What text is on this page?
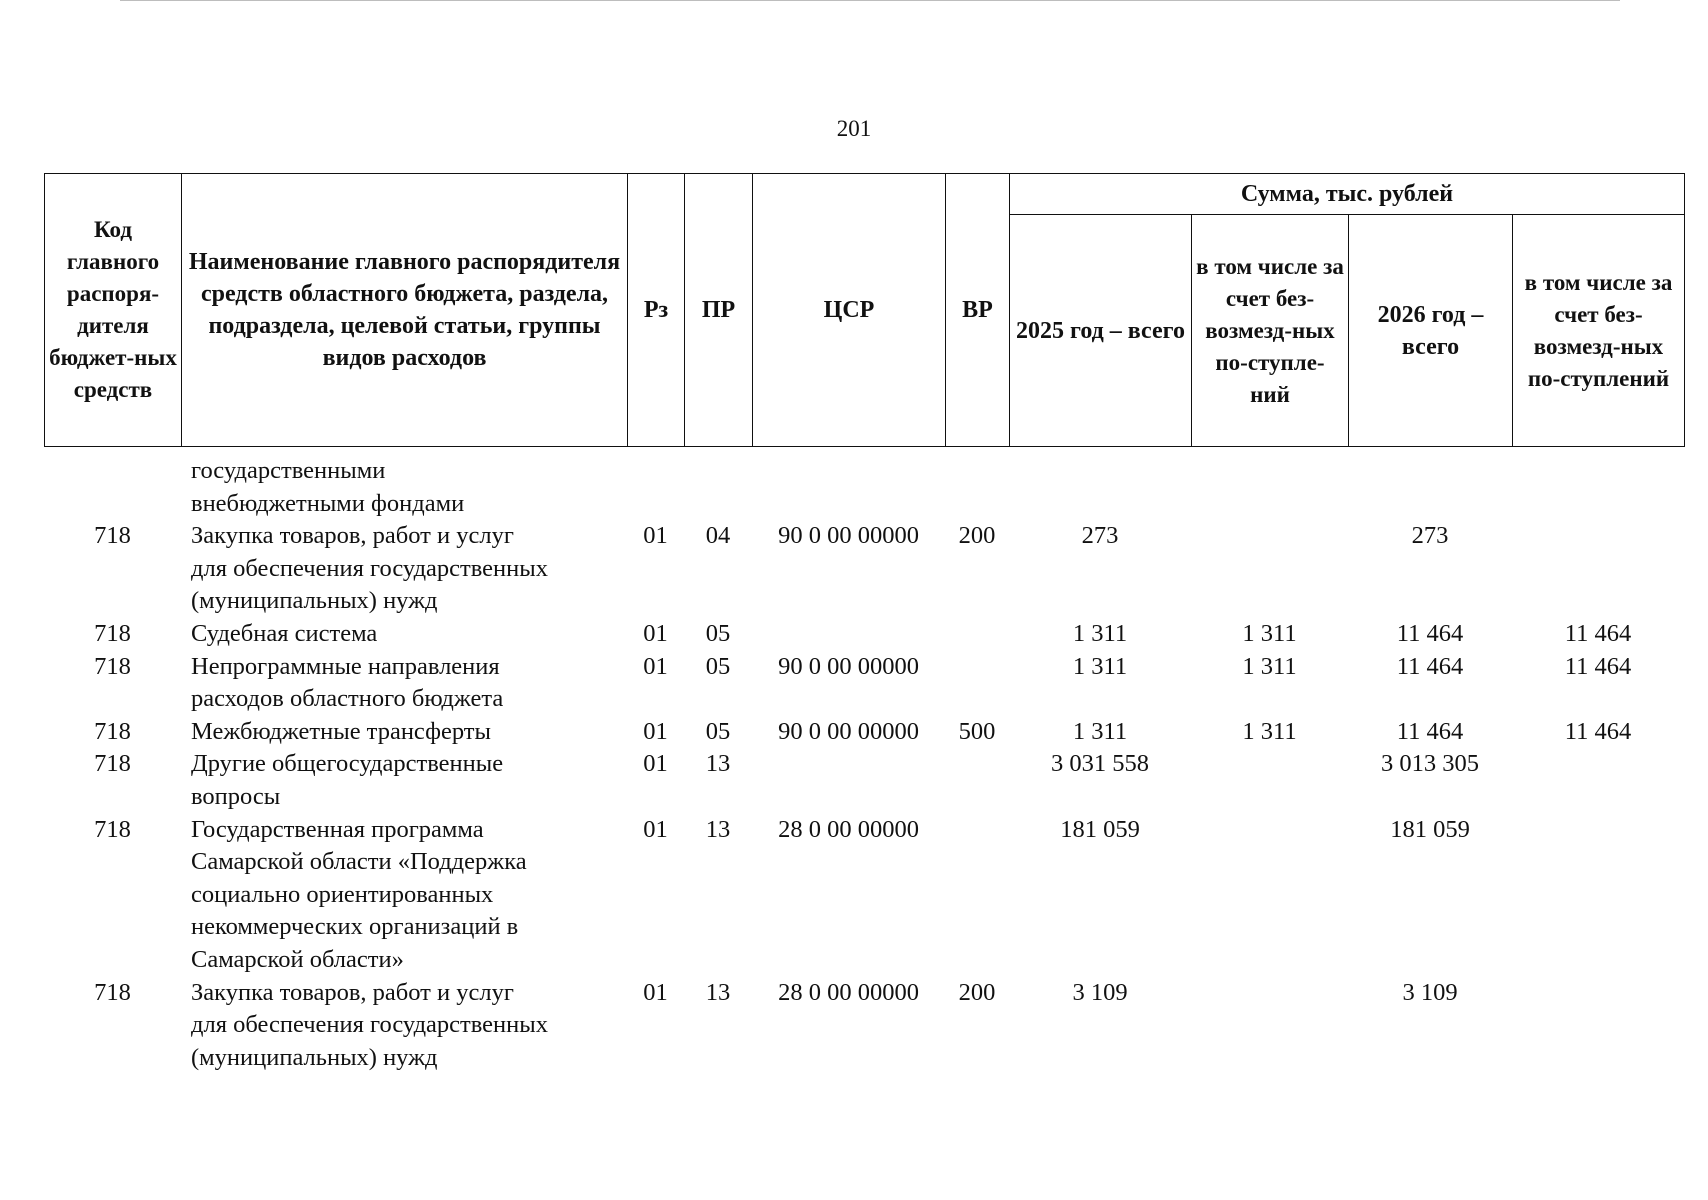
201
Код главного распоря-дителя бюджет-ных средств	Наименование главного распорядителя средств областного бюджета, раздела, подраздела, целевой статьи, группы видов расходов	Рз	ПР	ЦСР	ВР	Сумма, тыс. рублей			
						2025 год – всего	в том числе за счет без-возмезд-ных по-ступле-ний	2026 год – всего	в том числе за счет без-возмезд-ных по-ступлений
	государственными
внебюджетными фондами								
718	Закупка товаров, работ и услуг
для обеспечения государственных
(муниципальных) нужд	01	04	90 0 00 00000	200	273		273	
718	Судебная система	01	05			1 311	1 311	11 464	11 464
718	Непрограммные направления
расходов областного бюджета	01	05	90 0 00 00000		1 311	1 311	11 464	11 464
718	Межбюджетные трансферты	01	05	90 0 00 00000	500	1 311	1 311	11 464	11 464
718	Другие общегосударственные
вопросы	01	13			3 031 558		3 013 305	
718	Государственная программа
Самарской области «Поддержка
социально ориентированных
некоммерческих организаций в
Самарской области»	01	13	28 0 00 00000		181 059		181 059	
718	Закупка товаров, работ и услуг
для обеспечения государственных
(муниципальных) нужд	01	13	28 0 00 00000	200	3 109		3 109	
